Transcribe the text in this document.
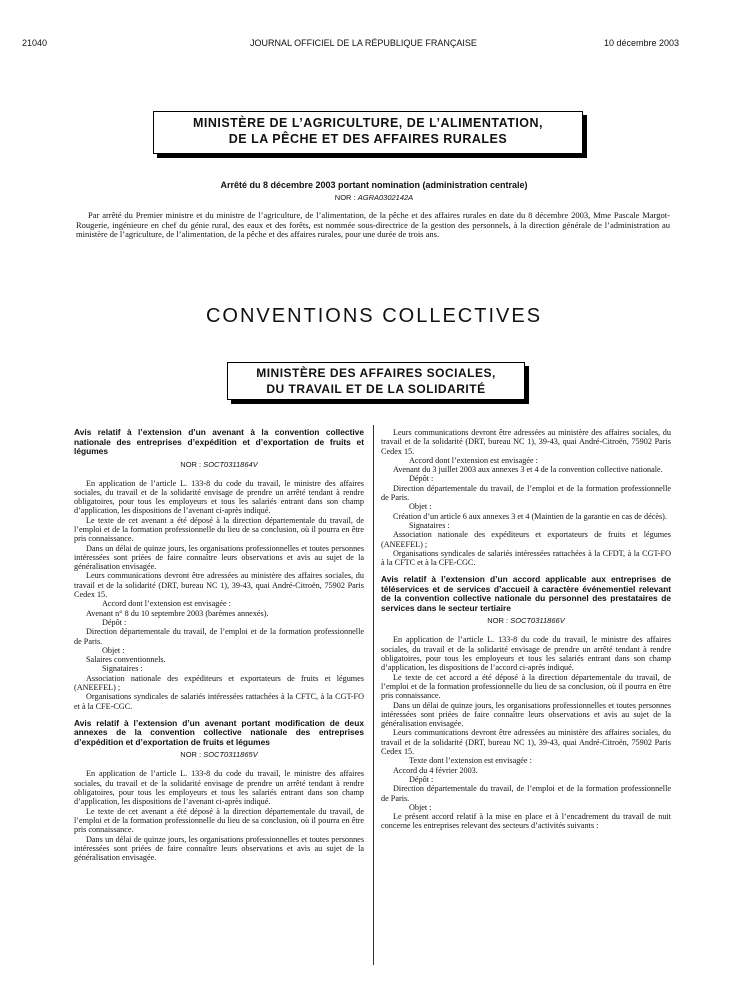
21040	JOURNAL OFFICIEL DE LA RÉPUBLIQUE FRANÇAISE	10 décembre 2003
MINISTÈRE DE L’AGRICULTURE, DE L’ALIMENTATION,
DE LA PÊCHE ET DES AFFAIRES RURALES
Arrêté du 8 décembre 2003 portant nomination (administration centrale)
NOR : AGRA0302142A

Par arrêté du Premier ministre et du ministre de l’agriculture, de l’alimentation, de la pêche et des affaires rurales en date du 8 décembre 2003, Mme Pascale Margot-Rougerie, ingénieure en chef du génie rural, des eaux et des forêts, est nommée sous-directrice de la gestion des personnels, à la direction générale de l’administration au ministère de l’agriculture, de l’alimentation, de la pêche et des affaires rurales, pour une durée de trois ans.

CONVENTIONS COLLECTIVES
MINISTÈRE DES AFFAIRES SOCIALES,
DU TRAVAIL ET DE LA SOLIDARITÉ

Avis relatif à l’extension d’un avenant à la convention collective nationale des entreprises d’expédition et d’exportation de fruits et légumes

NOR : SOCT0311864V

En application de l’article L. 133-8 du code du travail, le ministre des affaires sociales, du travail et de la solidarité envisage de prendre un arrêté tendant à rendre obligatoires, pour tous les employeurs et tous les salariés entrant dans son champ d’application, les dispositions de l’avenant ci-après indiqué.

Le texte de cet avenant a été déposé à la direction départementale du travail, de l’emploi et de la formation professionnelle du lieu de sa conclusion, où il pourra en être pris connaissance.

Dans un délai de quinze jours, les organisations professionnelles et toutes personnes intéressées sont priées de faire connaître leurs observations et avis au sujet de la généralisation envisagée.

Leurs communications devront être adressées au ministère des affaires sociales, du travail et de la solidarité (DRT, bureau NC 1), 39-43, quai André-Citroën, 75902 Paris Cedex 15.

Accord dont l’extension est envisagée :

Avenant n° 8 du 10 septembre 2003 (barèmes annexés).

Dépôt :

Direction départementale du travail, de l’emploi et de la formation professionnelle de Paris.

Objet :

Salaires conventionnels.

Signataires :

Association nationale des expéditeurs et exportateurs de fruits et légumes (ANEEFEL) ;

Organisations syndicales de salariés intéressées rattachées à la CFTC, à la CGT-FO et à la CFE-CGC.

Avis relatif à l’extension d’un avenant portant modification de deux annexes de la convention collective nationale des entreprises d’expédition et d’exportation de fruits et légumes

NOR : SOCT0311865V

En application de l’article L. 133-8 du code du travail, le ministre des affaires sociales, du travail et de la solidarité envisage de prendre un arrêté tendant à rendre obligatoires, pour tous les employeurs et tous les salariés entrant dans son champ d’application, les dispositions de l’avenant ci-après indiqué.

Le texte de cet avenant a été déposé à la direction départementale du travail, de l’emploi et de la formation professionnelle du lieu de sa conclusion, où il pourra en être pris connaissance.

Dans un délai de quinze jours, les organisations professionnelles et toutes personnes intéressées sont priées de faire connaître leurs observations et avis au sujet de la généralisation envisagée.

Leurs communications devront être adressées au ministère des affaires sociales, du travail et de la solidarité (DRT, bureau NC 1), 39-43, quai André-Citroën, 75902 Paris Cedex 15.

Accord dont l’extension est envisagée :

Avenant du 3 juillet 2003 aux annexes 3 et 4 de la convention collective nationale.

Dépôt :

Direction départementale du travail, de l’emploi et de la formation professionnelle de Paris.

Objet :

Création d’un article 6 aux annexes 3 et 4 (Maintien de la garantie en cas de décès).

Signataires :

Association nationale des expéditeurs et exportateurs de fruits et légumes (ANEEFEL) ;

Organisations syndicales de salariés intéressées rattachées à la CFDT, à la CGT-FO à la CFTC et à la CFE-CGC.

Avis relatif à l’extension d’un accord applicable aux entreprises de téléservices et de services d’accueil à caractère événementiel relevant de la convention collective nationale du personnel des prestataires de services dans le secteur tertiaire

NOR : SOCT0311866V

En application de l’article L. 133-8 du code du travail, le ministre des affaires sociales, du travail et de la solidarité envisage de prendre un arrêté tendant à rendre obligatoires, pour tous les employeurs et tous les salariés entrant dans son champ d’application, les dispositions de l’accord ci-après indiqué.

Le texte de cet accord a été déposé à la direction départementale du travail, de l’emploi et de la formation professionnelle du lieu de sa conclusion, où il pourra en être pris connaissance.

Dans un délai de quinze jours, les organisations professionnelles et toutes personnes intéressées sont priées de faire connaître leurs observations et avis au sujet de la généralisation envisagée.

Leurs communications devront être adressées au ministère des affaires sociales, du travail et de la solidarité (DRT, bureau NC 1), 39-43, quai André-Citroën, 75902 Paris Cedex 15.

Texte dont l’extension est envisagée :

Accord du 4 février 2003.

Dépôt :

Direction départementale du travail, de l’emploi et de la formation professionnelle de Paris.

Objet :

Le présent accord relatif à la mise en place et à l’encadrement du travail de nuit concerne les entreprises relevant des secteurs d’activités suivants :
